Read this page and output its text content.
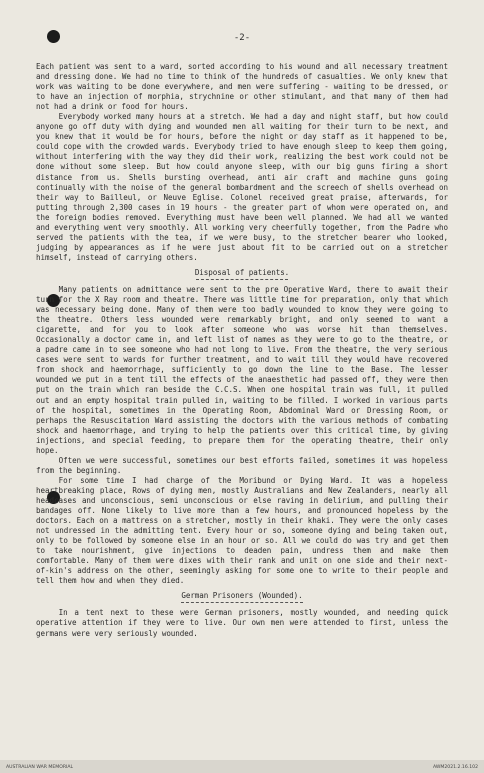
-2-

Each patient was sent to a ward, sorted according to his wound and all necessary treatment and dressing done. We had no time to think of the hundreds of casualties. We only knew that work was waiting to be done everywhere, and men were suffering - waiting to be dressed, or to have an injection of morphia, strychnine or other stimulant, and that many of them had not had a drink or food for hours.

Everybody worked many hours at a stretch. We had a day and night staff, but how could anyone go off duty with dying and wounded men all waiting for their turn to be next, and you knew that it would be for hours, before the night or day staff as it happened to be, could cope with the crowded wards. Everybody tried to have enough sleep to keep them going, without interfering with the way they did their work, realizing the best work could not be done without some sleep. But how could anyone sleep, with our big guns firing a short distance from us. Shells bursting overhead, anti air craft and machine guns going continually with the noise of the general bombardment and the screech of shells overhead on their way to Bailleul, or Neuve Eglise. Colonel received great praise, afterwards, for putting through 2,300 cases in 19 hours - the greater part of whom were operated on, and the foreign bodies removed. Everything must have been well planned. We had all we wanted and everything went very smoothly. All working very cheerfully together, from the Padre who served the patients with the tea, if we were busy, to the stretcher bearer who looked, judging by appearances as if he were just about fit to be carried out on a stretcher himself, instead of carrying others.

Disposal of patients.

Many patients on admittance were sent to the pre Operative Ward, there to await their turn for the X Ray room and theatre. There was little time for preparation, only that which was necessary being done. Many of them were too badly wounded to know they were going to the theatre. Others less wounded were remarkably bright, and only seemed to want a cigarette, and for you to look after someone who was worse hit than themselves. Occasionally a doctor came in, and left list of names as they were to go to the theatre, or a padre came in to see someone who had not long to live. From the theatre, the very serious cases were sent to wards for further treatment, and to wait till they would have recovered from shock and haemorrhage, sufficiently to go down the line to the Base. The lesser wounded we put in a tent till the effects of the anaesthetic had passed off, they were then put on the train which ran beside the C.C.S. When one hospital train was full, it pulled out and an empty hospital train pulled in, waiting to be filled. I worked in various parts of the hospital, sometimes in the Operating Room, Abdominal Ward or Dressing Room, or perhaps the Resuscitation Ward assisting the doctors with the various methods of combating shock and haemorrhage, and trying to help the patients over this critical time, by giving injections, and special feeding, to prepare them for the operating theatre, their only hope.

Often we were successful, sometimes our best efforts failed, sometimes it was hopeless from the beginning.

For some time I had charge of the Moribund or Dying Ward. It was a hopeless heartbreaking place, Rows of dying men, mostly Australians and New Zealanders, nearly all headcases and unconscious, semi unconscious or else raving in delirium, and pulling their bandages off. None likely to live more than a few hours, and pronounced hopeless by the doctors. Each on a mattress on a stretcher, mostly in their khaki. They were the only cases not undressed in the admitting tent. Every hour or so, someone dying and being taken out, only to be followed by someone else in an hour or so. All we could do was try and get them to take nourishment, give injections to deaden pain, undress them and make them comfortable. Many of them were dixes with their rank and unit on one side and their next-of-kin's address on the other, seemingly asking for some one to write to their people and tell them how and when they died.

German Prisoners (Wounded).

In a tent next to these were German prisoners, mostly wounded, and needing quick operative attention if they were to live. Our own men were attended to first, unless the germans were very seriously wounded.

AUSTRALIAN WAR MEMORIAL	AWM2021.2.16.102
